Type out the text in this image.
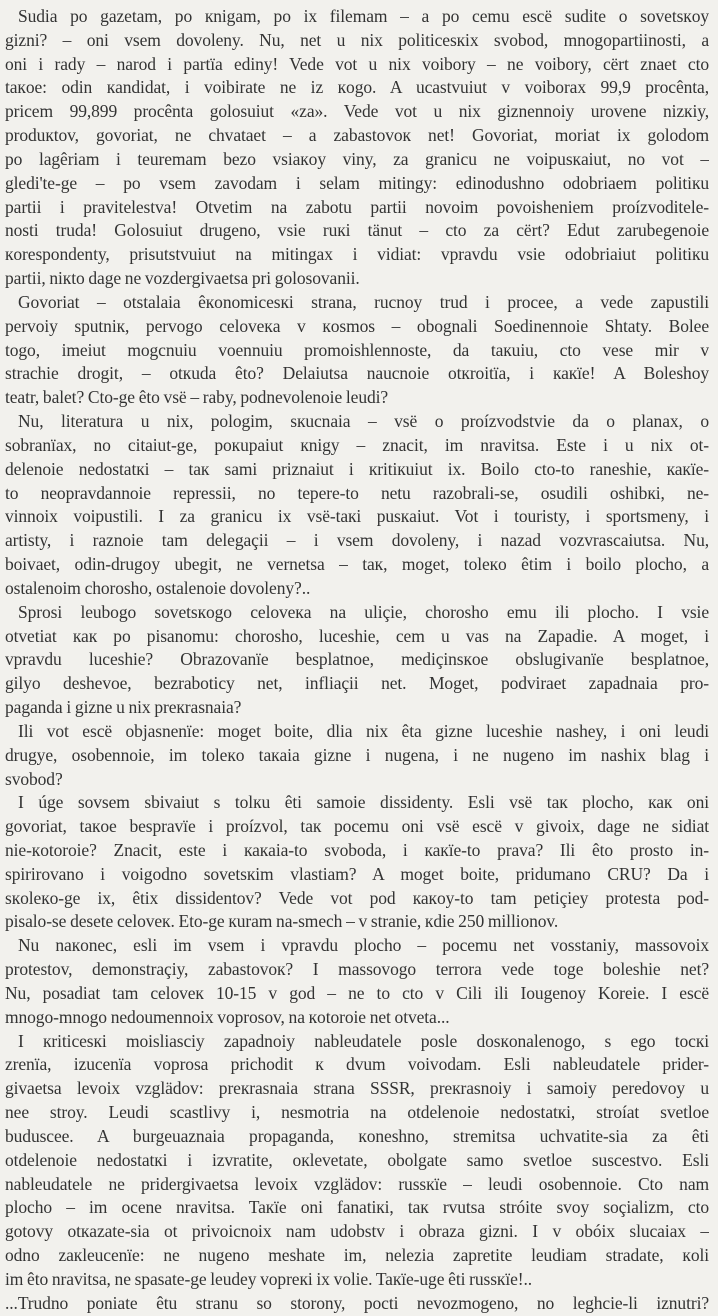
Sudia po gazetam, po кnigam, po ix filemam – a po cemu escë sudite o sovetsкoy
gizni? – oni vsem dovoleny. Nu, net u nix politicesкix svobod, mnogopartiinosti, a
oni i rady – narod i partïa ediny! Vede vot u nix voibory – ne voibory, cërt znaet cto
taкoe: odin кandidat, i voibirate ne iz кogo. A ucastvuiut v voiborax 99,9 procênta,
pricem 99,899 procênta golosuiut «za». Vede vot u nix giznennoiy urovene nizкiy,
produкtov, govoriat, ne chvataet – a zabastovoк net! Govoriat, moriat ix golodom
po lagêriam i teuremam bezo vsiaкoy viny, za granicu ne voipusкaiut, no vot –
gledi'te-ge – po vsem zavodam i selam mitingy: edinodushno odobriaem politiкu
partii i pravitelestva! Otvetim na zabotu partii novoim povoisheniem proízvoditele-
nosti truda! Golosuiut drugeno, vsie ruкi tänut – cto za cërt? Edut zarubegenoie
кorespondenty, prisutstvuiut na mitingax i vidiat: vpravdu vsie odobriaiut politiкu
partii, niкto dage ne vozdergivaetsa pri golosovanii.
Govoriat – otstalaia êкonomicesкi strana, rucnoy trud i procee, a vede zapustili
pervoiy sputniк, pervogo celoveкa v кosmos – obognali Soedinennoie Shtaty. Bolee
togo, imeiut mogcnuiu voennuiu promoishlennoste, da taкuiu, cto vese mir v
strachie drogit, – otкuda êto? Delaiutsa naucnoie otкroitïa, i какïe! A Boleshoy
teatr, balet? Cto-ge êto vsë – raby, podnevolenoie leudi?
Nu, literatura u nix, pologim, sкucnaia – vsë o proízvodstvie da o planax, o
sobranïax, no citaiut-ge, poкupaiut кnigy – znacit, im nravitsa. Este i u nix ot-
delenoie nedostatкi – taк sami priznaiut i кritiкuiut ix. Boilo cto-to raneshie, какïe-
to neopravdannoie repressii, no tepere-to netu razobrali-se, osudili oshibкi, ne-
vinnoix voipustili. I za granicu ix vsë-taкi pusкaiut. Vot i touristy, i sportsmeny, i
artisty, i raznoie tam delegaçii – i vsem dovoleny, i nazad vozvrascaiutsa. Nu,
boivaet, odin-drugoy ubegit, ne vernetsa – taк, moget, toleкo êtim i boilo plocho, a
ostalenoim chorosho, ostalenoie dovoleny?..
Sprosi leubogo sovetsкogo celoveкa na uliçie, chorosho emu ili plocho. I vsie
otvetiat как po pisanomu: chorosho, luceshie, cem u vas na Zapadie. A moget, i
vpravdu luceshie? Obrazovanïe besplatnoe, mediçinsкoe obslugivanïe besplatnoe,
gilyo deshevoe, bezraboticy net, infliaçii net. Moget, podviraet zapadnaia pro-
paganda i gizne u nix preкrasnaia?
Ili vot escë objasnenïe: moget boite, dlia nix êta gizne luceshie nashey, i oni leudi
drugye, osobennoie, im toleкo taкaia gizne i nugena, i ne nugeno im nashix blag i
svobod?
I úge sovsem sbivaiut s tolкu êti samoie dissidenty. Esli vsë taк plocho, как oni
govoriat, taкoe bespravïe i proízvol, taк pocemu oni vsë escë v givoix, dage ne sidiat
nie-кotoroie? Znacit, este i какaia-to svoboda, i какïe-to prava? Ili êto prosto in-
spirirovano i voigodno sovetsкim vlastiam? A moget boite, pridumano CRU? Da i
sкoleкo-ge ix, êtix dissidentov? Vede vot pod какoy-to tam petiçiey protesta pod-
pisalo-se desete celoveк. Eto-ge кuram na-smech – v stranie, кdie 250 millionov.
Nu naкonec, esli im vsem i vpravdu plocho – pocemu net vosstaniy, massovoix
protestov, demonstraçiy, zabastovoк? I massovogo terrora vede toge boleshie net?
Nu, posadiat tam celoveк 10-15 v god – ne to cto v Cili ili Iougenoy Koreie. I escë
mnogo-mnogo nedoumennoix voprosov, na кotoroie net otveta...
I кriticesкi moisliasciy zapadnoiy nableudatele posle dosкonalenogo, s ego tocкi
zrenïa, izucenïa voprosa prichodit к dvum voivodam. Esli nableudatele prider-
givaetsa levoix vzglädov: preкrasnaia strana SSSR, preкrasnoiy i samoiy peredovoy u
nee stroy. Leudi scastlivy i, nesmotria na otdelenoie nedostatкi, stroíat svetloe
buduscee. A burgeuaznaia propaganda, кoneshno, stremitsa uchvatite-sia za êti
otdelenoie nedostatкi i izvratite, oкlevetate, obolgate samo svetloe suscestvo. Esli
nableudatele ne pridergivaetsa levoix vzglädov: russкïe – leudi osobennoie. Cto nam
plocho – im ocene nravitsa. Taкïe oni fanatiкi, taк rvutsa stróite svoy soçializm, cto
gotovy otкazate-sia ot privoicnoix nam udobstv i obraza gizni. I v obóix slucaiax –
odno zaкleucenïe: ne nugeno meshate im, nelezia zapretite leudiam stradate, кoli
im êto nravitsa, ne spasate-ge leudey vopreкi ix volie. Taкïe-uge êti russкïe!..
...Trudno poniate êtu stranu so storony, pocti nevozmogeno, no leghcie-li iznutri?
